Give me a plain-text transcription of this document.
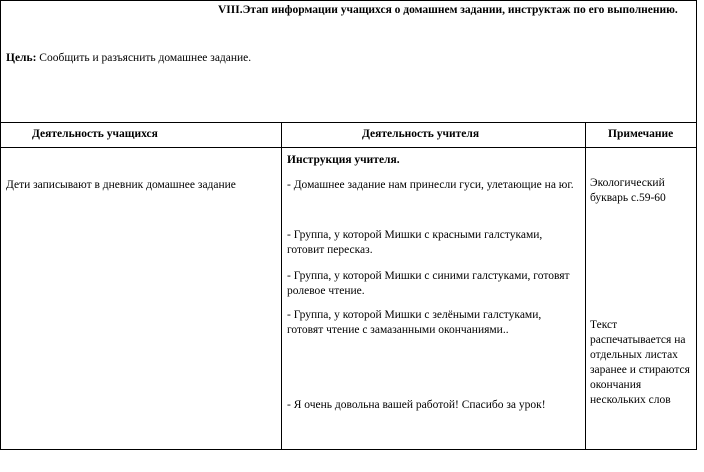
VIII.Этап информации учащихся о домашнем задании, инструктаж по его выполнению.
Цель: Сообщить и разъяснить домашнее задание.
Деятельность учащихся	Деятельность учителя	Примечание
Дети записывают в дневник домашнее задание
Инструкция учителя.
- Домашнее задание нам принесли гуси, улетающие на юг.
- Группа, у которой Мишки с красными галстуками, готовит пересказ.
- Группа, у которой Мишки с синими галстуками, готовят ролевое чтение.
- Группа, у которой Мишки с зелёными галстуками, готовят чтение с замазанными окончаниями..
- Я очень довольна вашей работой! Спасибо за урок!
Экологический букварь с.59-60
Текст распечатывается на отдельных листах заранее и стираются окончания нескольких слов
